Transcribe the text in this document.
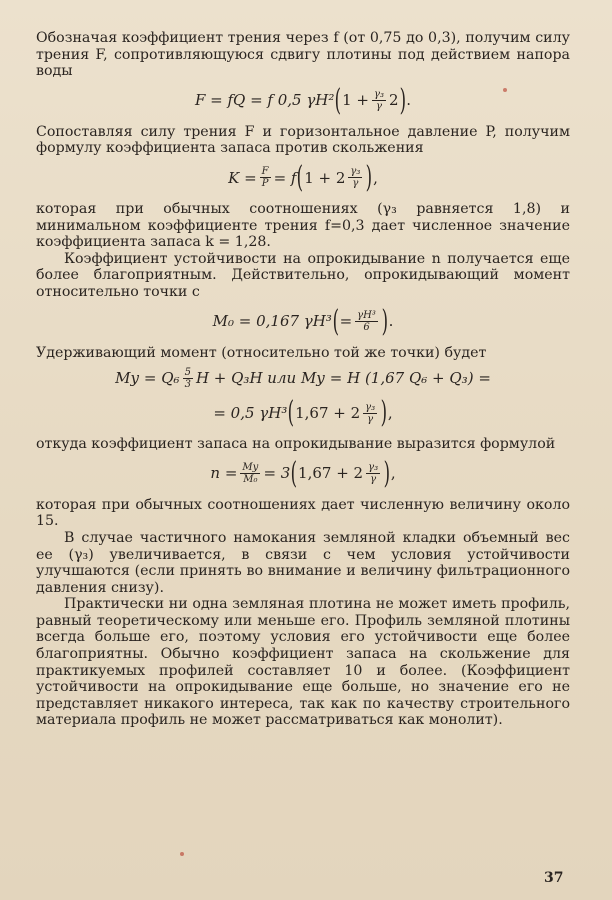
Обозначая коэффициент трения через f (от 0,75 до 0,3), получим силу трения F, сопротивляющуюся сдвигу плотины под действием напора воды

F = fQ = f 0,5 γH² ( $1 + \frac{\text{γ₃}}{\gamma} 2$ ) .

Сопоставляя силу трения F и горизонтальное давление P, получим формулу коэффициента запаса против скольжения

$K = \frac{F}{P} = f$ ( $1 + 2 \frac{\text{γ₃}}{\gamma}$ ) ,

которая при обычных соотношениях (γ₃ равняется 1,8) и минимальном коэффициенте трения f=0,3 дает численное значение коэффициента запаса k = 1,28.

Коэффициент устойчивости на опрокидывание n получается еще более благоприятным. Действительно, опрокидывающий момент относительно точки c

M₀ = 0,167 γH³ ( = $\frac{\text{γH³}}{6}$ ) .

Удерживающий момент (относительно той же точки) будет

Mу = $Q_6 \frac{5}{3}$ H + Q₃H или Mу = H (1,67 Q₆ + Q₃) =
= 0,5 γH³ ( $1,67 + 2 \frac{\text{γ₃}}{\gamma}$ ) ,

откуда коэффициент запаса на опрокидывание выразится формулой

$n = \frac{Mу}{\text{M₀}} = 3$ ( $1,67 + 2 \frac{\text{γ₃}}{\gamma}$ ) ,

которая при обычных соотношениях дает численную величину около 15.

В случае частичного намокания земляной кладки объемный вес ее (γ₃) увеличивается, в связи с чем условия устойчивости улучшаются (если принять во внимание и величину фильтрационного давления снизу).

Практически ни одна земляная плотина не может иметь профиль, равный теоретическому или меньше его. Профиль земляной плотины всегда больше его, поэтому условия его устойчивости еще более благоприятны. Обычно коэффициент запаса на скольжение для практикуемых профилей составляет 10 и более. (Коэффициент устойчивости на опрокидывание еще больше, но значение его не представляет никакого интереса, так как по качеству строительного материала профиль не может рассматриваться как монолит).

37
